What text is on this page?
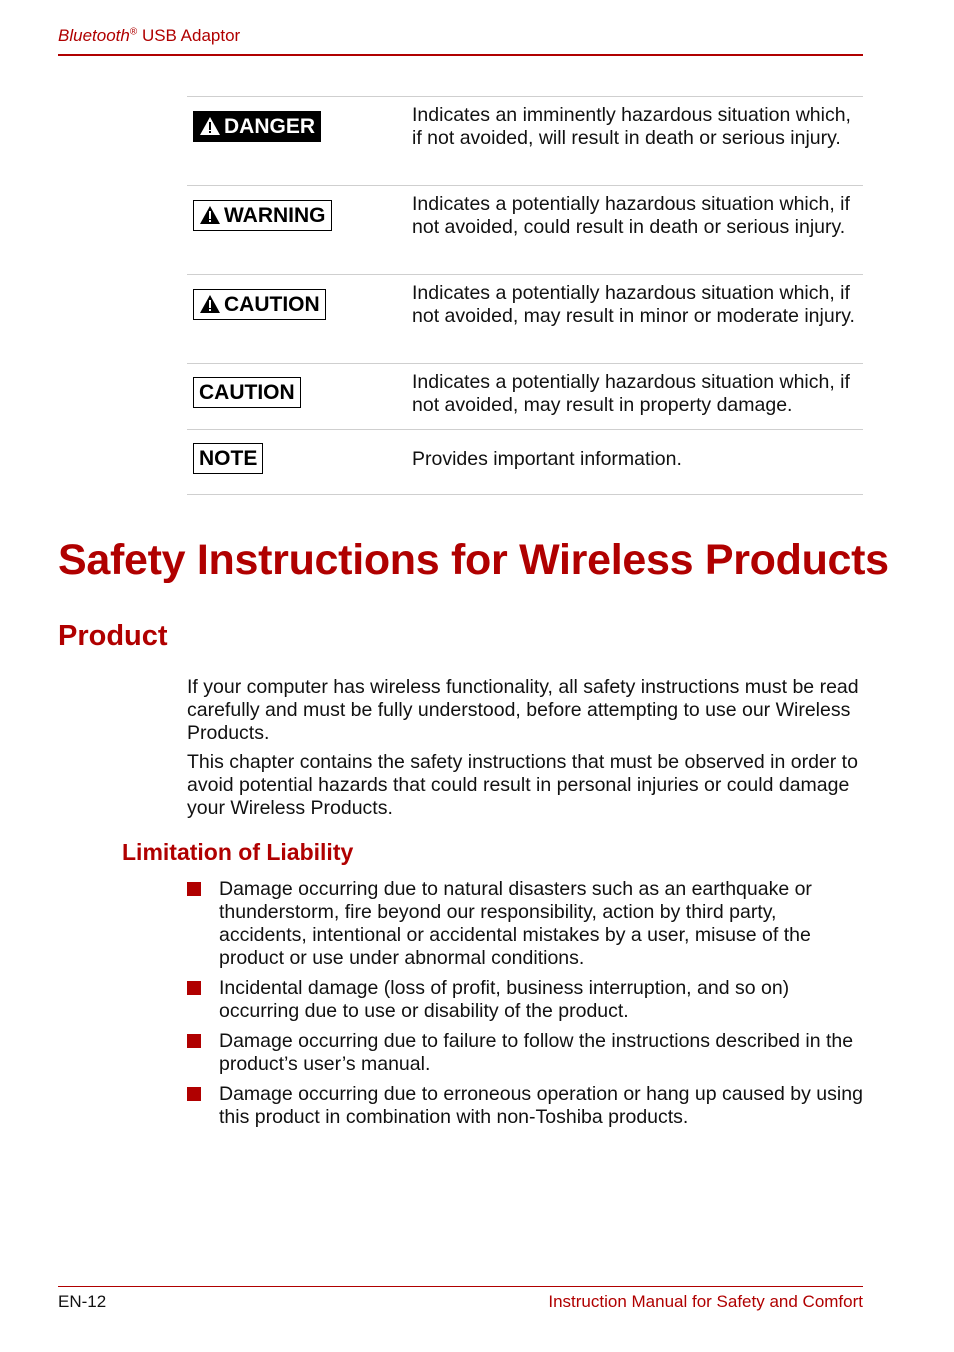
Bluetooth® USB Adaptor
DANGER	Indicates an imminently hazardous situation which, if not avoided, will result in death or serious injury.
WARNING	Indicates a potentially hazardous situation which, if not avoided, could result in death or serious injury.
CAUTION	Indicates a potentially hazardous situation which, if not avoided, may result in minor or moderate injury.
CAUTION	Indicates a potentially hazardous situation which, if not avoided, may result in property damage.
NOTE	Provides important information.
Safety Instructions for Wireless Products
Product

If your computer has wireless functionality, all safety instructions must be read carefully and must be fully understood, before attempting to use our Wireless Products.

This chapter contains the safety instructions that must be observed in order to avoid potential hazards that could result in personal injuries or could damage your Wireless Products.

Limitation of Liability
Damage occurring due to natural disasters such as an earthquake or thunderstorm, fire beyond our responsibility, action by third party, accidents, intentional or accidental mistakes by a user, misuse of the product or use under abnormal conditions.
Incidental damage (loss of profit, business interruption, and so on) occurring due to use or disability of the product.
Damage occurring due to failure to follow the instructions described in the product’s user’s manual.
Damage occurring due to erroneous operation or hang up caused by using this product in combination with non-Toshiba products.
EN-12	Instruction Manual for Safety and Comfort
